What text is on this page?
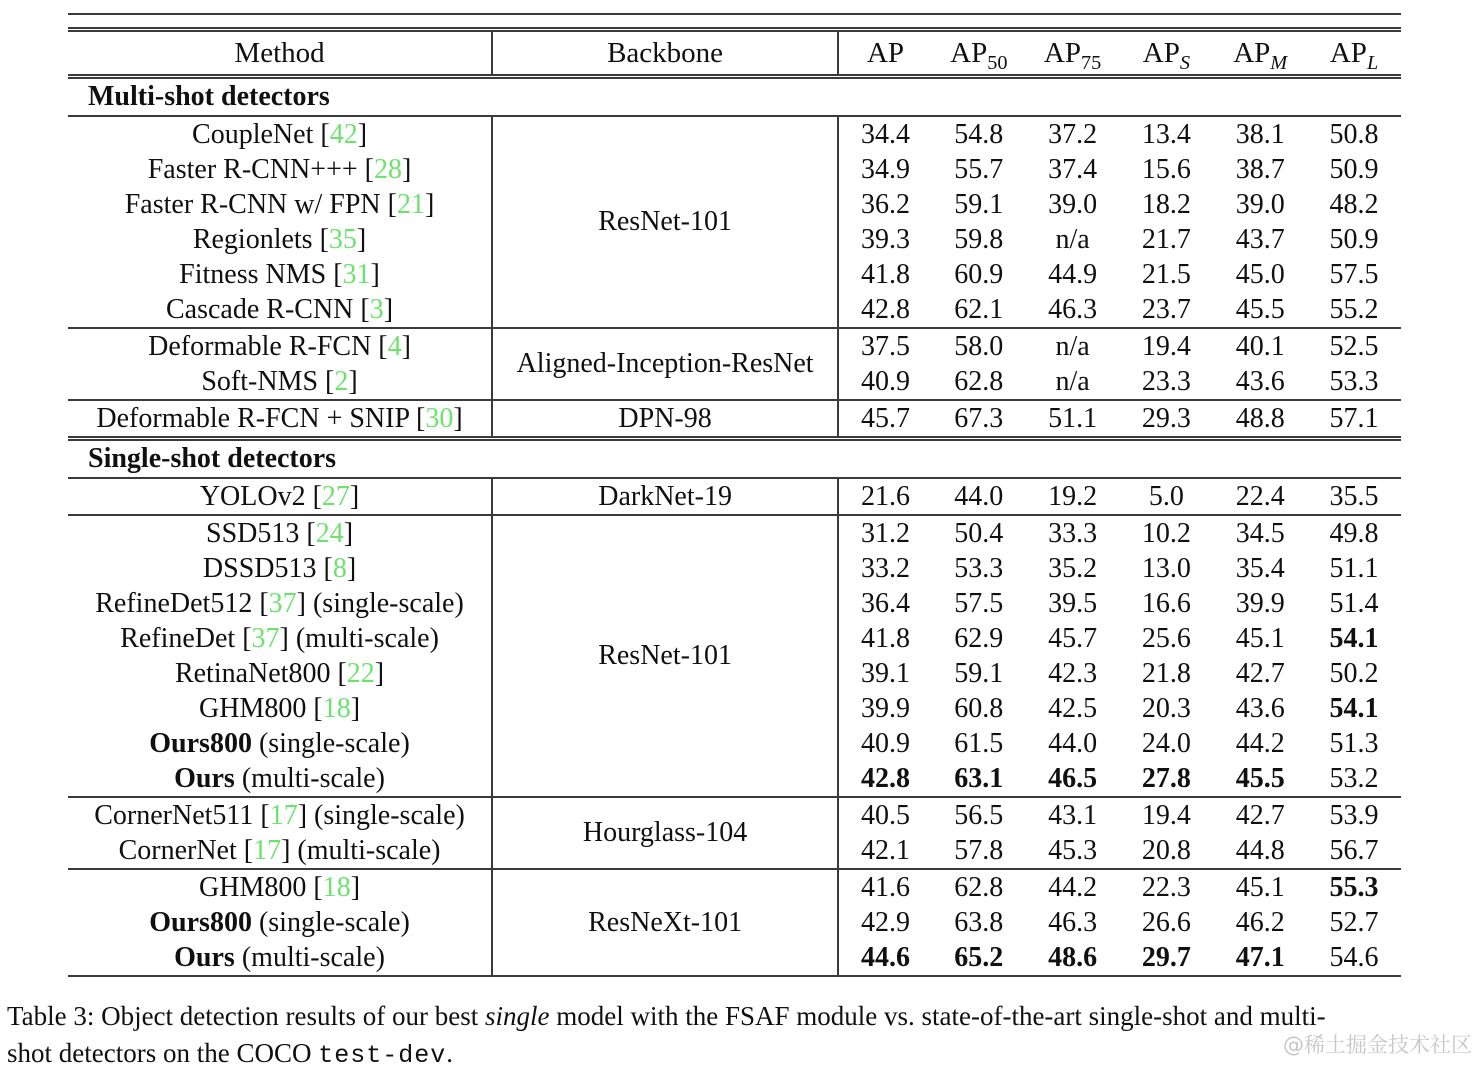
Method	Backbone	AP	$AP_{50}$	$AP_{75}$	$AP_S$	$AP_M$	$AP_L$
Multi-shot detectors							
CoupleNet [42]	ResNet-101	34.4	54.8	37.2	13.4	38.1	50.8
Faster R-CNN+++ [28]		34.9	55.7	37.4	15.6	38.7	50.9
Faster R-CNN w/ FPN [21]		36.2	59.1	39.0	18.2	39.0	48.2
Regionlets [35]		39.3	59.8	n/a	21.7	43.7	50.9
Fitness NMS [31]		41.8	60.9	44.9	21.5	45.0	57.5
Cascade R-CNN [3]		42.8	62.1	46.3	23.7	45.5	55.2
Deformable R-FCN [4]	Aligned-Inception-ResNet	37.5	58.0	n/a	19.4	40.1	52.5
Soft-NMS [2]		40.9	62.8	n/a	23.3	43.6	53.3
Deformable R-FCN + SNIP [30]	DPN-98	45.7	67.3	51.1	29.3	48.8	57.1
Single-shot detectors							
YOLOv2 [27]	DarkNet-19	21.6	44.0	19.2	5.0	22.4	35.5
SSD513 [24]	ResNet-101	31.2	50.4	33.3	10.2	34.5	49.8
DSSD513 [8]		33.2	53.3	35.2	13.0	35.4	51.1
RefineDet512 [37] (single-scale)		36.4	57.5	39.5	16.6	39.9	51.4
RefineDet [37] (multi-scale)		41.8	62.9	45.7	25.6	45.1	54.1
RetinaNet800 [22]		39.1	59.1	42.3	21.8	42.7	50.2
GHM800 [18]		39.9	60.8	42.5	20.3	43.6	54.1
Ours800 (single-scale)		40.9	61.5	44.0	24.0	44.2	51.3
Ours (multi-scale)		42.8	63.1	46.5	27.8	45.5	53.2
CornerNet511 [17] (single-scale)	Hourglass-104	40.5	56.5	43.1	19.4	42.7	53.9
CornerNet [17] (multi-scale)		42.1	57.8	45.3	20.8	44.8	56.7
GHM800 [18]	ResNeXt-101	41.6	62.8	44.2	22.3	45.1	55.3
Ours800 (single-scale)		42.9	63.8	46.3	26.6	46.2	52.7
Ours (multi-scale)		44.6	65.2	48.6	29.7	47.1	54.6
Table 3: Object detection results of our best single model with the FSAF module vs. state-of-the-art single-shot and multi-
shot detectors on the COCO test-dev.	@稀土掘金技术社区
